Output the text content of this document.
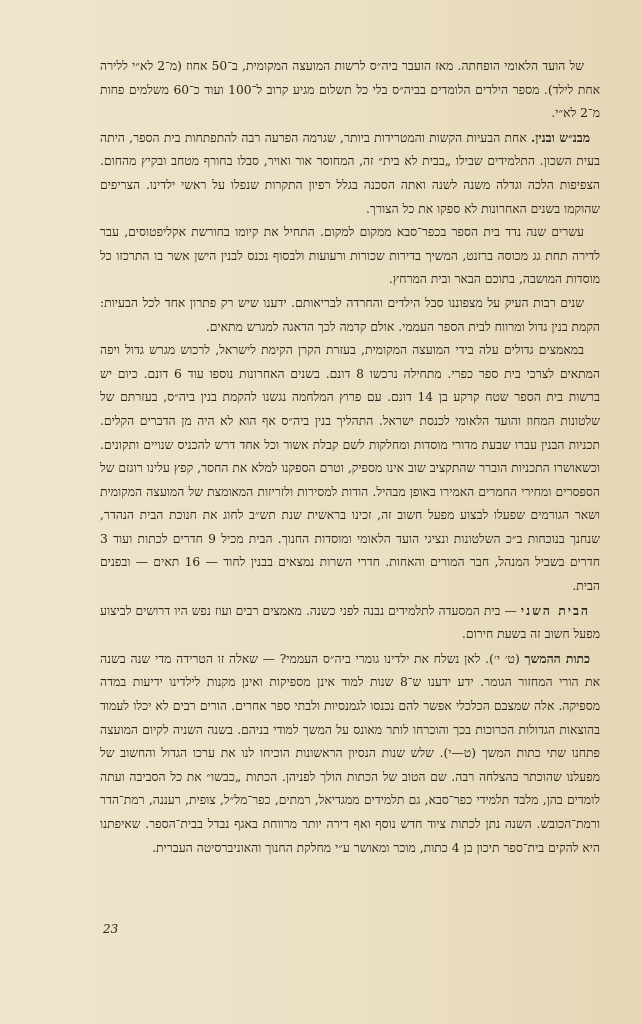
של הועד הלאומי הופחתה. מאז הועבר ביה״ס לרשות המועצה המקומית, ב־50 אחוז (מ־2 לא״י ללירה אחת לילד). מספר הילדים הלומדים בביה״ס בלי כל תשלום מגיע קרוב ל־100 ועוד כ־60 משלמים פחות מ־2 לא״י.

מבנ״ש ובנין. אחת הבעיות הקשות והמטרידות ביותר, שגרמה הפרעה רבה להתפתחות בית הספר, היתה בעית השכון. התלמידים שבילו „בבית לא בית״ זה, המחוסר אור ואויר, סבלו בחורף מטחב ובקיץ מהחום. הצפיפות הלכה וגדלה משנה לשנה ואתה הסכנה בגלל רפיון התקרות שנפלו על ראשי ילדינו. הצריפים שהוקמו בשנים האחרונות לא ספקו את כל הצורך.

עשרים שנה נדד בית הספר בכפר־סבא ממקום למקום. התחיל את קיומו בחורשת אקליפטוסים, עבר לדירה תחת גג מכוסה ברזנט, המשיך בדירות שכורות ורעועות ולבסוף נכנס לבנין הישן אשר בו התרכזו כל מוסדות המושבה, בתוכם הבאר ובית המרחץ.

שנים רבות העיק על מצפוננו סבל הילדים והחרדה לבריאותם. ידענו שיש רק פתרון אחד לכל הבעיות: הקמת בנין גדול ומרווח לבית הספר העממי. אולם קדמה לכך הדאגה למגרש מתאים.

במאמצים גדולים עלה בידי המועצה המקומית, בעזרת הקרן הקימת לישראל, לרכוש מגרש גדול ויפה המתאים לצרכי בית ספר כפרי. מתחילה נרכשו 8 דונם. בשנים האחרונות נוספו עוד 6 דונם. כיום יש ברשות בית הספר שטח קרקע בן 14 דונם. עם פרוץ המלחמה נגשנו להקמת בנין ביה״ס, בעזרתם של שלטונות המחוז והועד הלאומי לכנסת ישראל. התהליך בנין ביה״ס אף הוא לא היה מן הדברים הקלים. תכניות הבנין עברו שבעת מדורי מוסדות ומחלקות לשם קבלת אשור וכל אחד דרש להכניס שנויים ותקונים. וכשאושרו התכניות הוברר שהתקציב שוב אינו מספיק, וטרם הספקנו למלא את החסר, קפץ עלינו רוגזם של הספסרים ומחירי החמרים האמירו באופן מבהיל. הודות למסירות ולזריזות המאומצת של המועצה המקומית ושאר הגורמים שפעלו לבצוע מפעל חשוב זה, זכינו בראשית שנת תש״ב לחוג את חנוכת הבית הנהדר, שנחנך בנוכחות ב״כ השלטונות ונציגי הועד הלאומי ומוסדות החנוך. הבית מכיל 9 חדרים לכתות ועוד 3 חדרים בשביל המנהל, חבר המורים והאחות. חדרי השרות נמצאים בבנין לחוד — 16 תאים — ובפנים הבית.

הבית השני — בית המסעדה לתלמידים נבנה לפני כשנה. מאמצים רבים ועוז נפש היו דרושים לביצוע מפעל חשוב זה בשעת חירום.

כתות ההמשך (ט׳ י׳). לאן נשלח את ילדינו גומרי ביה״ס העממי? — שאלה זו הטרידה מדי שנה בשנה את הורי המחזור הגומר. ידע ידענו ש־8 שנות למוד אינן מספיקות ואינן מקנות לילדינו ידיעות במדה מספיקה. אלה שמצבם הכלכלי אפשר להם נכנסו לגמנסיות ולבתי ספר אחרים. הורים רבים לא יכלו לעמוד בהוצאות הגדולות הכרוכות בכך והוכרחו לותר מאונס על המשך למודי בניהם. בשנה השניה לקיום המועצה פתחנו שתי כתות המשך (ט—י). שלש שנות הנסיון הראשונות הוכיחו לנו את ערכו הגדול והחשוב של מפעלנו שהוכתר בהצלחה רבה. שם הטוב של הכתות הולך לפניהן. הכתות „כבשו״ את כל הסביבה ועתה לומדים בהן, מלבד תלמידי כפר־סבא, גם תלמידים ממגדיאל, רמתים, כפר־מל״ל, צופית, רעננה, רמת־הדר ורמת־הכובש. השנה נתן לכתות ציוד חדש נוסף ואף דירה יותר מרווחת באגף נבדל בבית־הספר. שאיפתנו היא להקים בית־ספר תיכון בן 4 כתות, מוכר ומאושר ע״י מחלקת החנוך והאוניברסיטה העברית.

23
